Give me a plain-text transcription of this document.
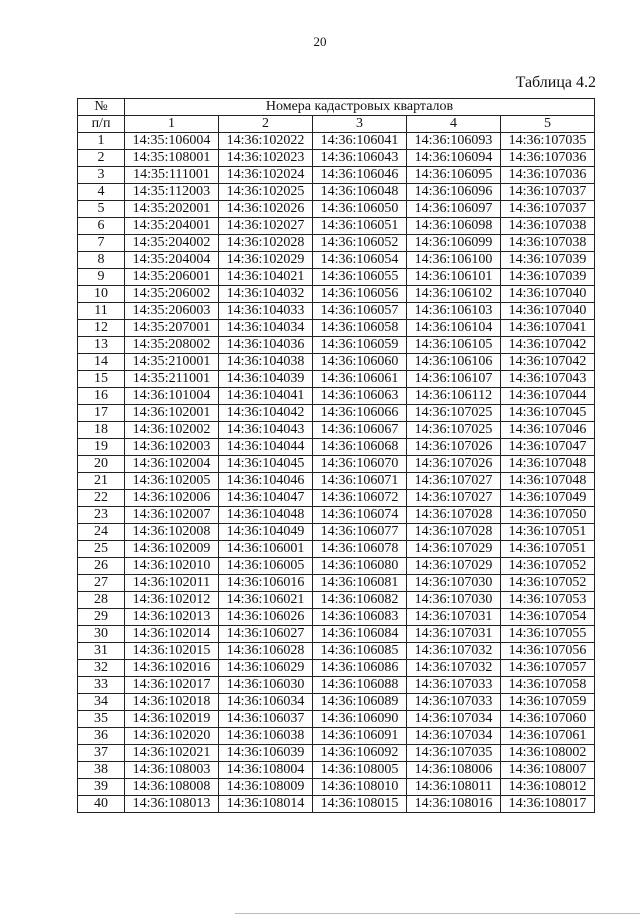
20
Таблица 4.2
№	Номера кадастровых кварталов				
п/п	1	2	3	4	5
1	14:35:106004	14:36:102022	14:36:106041	14:36:106093	14:36:107035
2	14:35:108001	14:36:102023	14:36:106043	14:36:106094	14:36:107036
3	14:35:111001	14:36:102024	14:36:106046	14:36:106095	14:36:107036
4	14:35:112003	14:36:102025	14:36:106048	14:36:106096	14:36:107037
5	14:35:202001	14:36:102026	14:36:106050	14:36:106097	14:36:107037
6	14:35:204001	14:36:102027	14:36:106051	14:36:106098	14:36:107038
7	14:35:204002	14:36:102028	14:36:106052	14:36:106099	14:36:107038
8	14:35:204004	14:36:102029	14:36:106054	14:36:106100	14:36:107039
9	14:35:206001	14:36:104021	14:36:106055	14:36:106101	14:36:107039
10	14:35:206002	14:36:104032	14:36:106056	14:36:106102	14:36:107040
11	14:35:206003	14:36:104033	14:36:106057	14:36:106103	14:36:107040
12	14:35:207001	14:36:104034	14:36:106058	14:36:106104	14:36:107041
13	14:35:208002	14:36:104036	14:36:106059	14:36:106105	14:36:107042
14	14:35:210001	14:36:104038	14:36:106060	14:36:106106	14:36:107042
15	14:35:211001	14:36:104039	14:36:106061	14:36:106107	14:36:107043
16	14:36:101004	14:36:104041	14:36:106063	14:36:106112	14:36:107044
17	14:36:102001	14:36:104042	14:36:106066	14:36:107025	14:36:107045
18	14:36:102002	14:36:104043	14:36:106067	14:36:107025	14:36:107046
19	14:36:102003	14:36:104044	14:36:106068	14:36:107026	14:36:107047
20	14:36:102004	14:36:104045	14:36:106070	14:36:107026	14:36:107048
21	14:36:102005	14:36:104046	14:36:106071	14:36:107027	14:36:107048
22	14:36:102006	14:36:104047	14:36:106072	14:36:107027	14:36:107049
23	14:36:102007	14:36:104048	14:36:106074	14:36:107028	14:36:107050
24	14:36:102008	14:36:104049	14:36:106077	14:36:107028	14:36:107051
25	14:36:102009	14:36:106001	14:36:106078	14:36:107029	14:36:107051
26	14:36:102010	14:36:106005	14:36:106080	14:36:107029	14:36:107052
27	14:36:102011	14:36:106016	14:36:106081	14:36:107030	14:36:107052
28	14:36:102012	14:36:106021	14:36:106082	14:36:107030	14:36:107053
29	14:36:102013	14:36:106026	14:36:106083	14:36:107031	14:36:107054
30	14:36:102014	14:36:106027	14:36:106084	14:36:107031	14:36:107055
31	14:36:102015	14:36:106028	14:36:106085	14:36:107032	14:36:107056
32	14:36:102016	14:36:106029	14:36:106086	14:36:107032	14:36:107057
33	14:36:102017	14:36:106030	14:36:106088	14:36:107033	14:36:107058
34	14:36:102018	14:36:106034	14:36:106089	14:36:107033	14:36:107059
35	14:36:102019	14:36:106037	14:36:106090	14:36:107034	14:36:107060
36	14:36:102020	14:36:106038	14:36:106091	14:36:107034	14:36:107061
37	14:36:102021	14:36:106039	14:36:106092	14:36:107035	14:36:108002
38	14:36:108003	14:36:108004	14:36:108005	14:36:108006	14:36:108007
39	14:36:108008	14:36:108009	14:36:108010	14:36:108011	14:36:108012
40	14:36:108013	14:36:108014	14:36:108015	14:36:108016	14:36:108017
